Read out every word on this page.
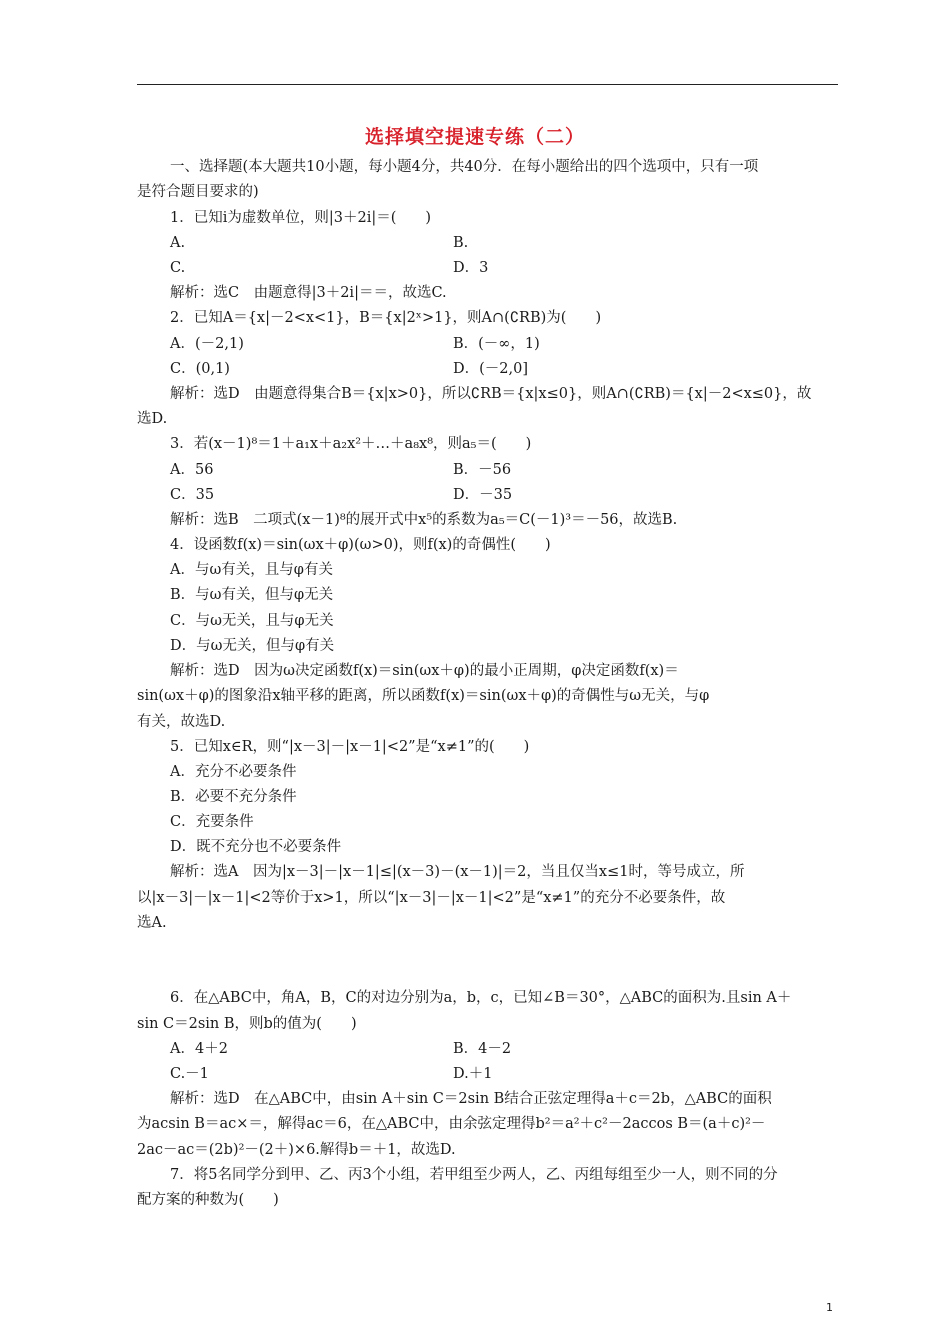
选择填空提速专练（二）
一、选择题(本大题共10小题，每小题4分，共40分．在每小题给出的四个选项中，只有一项
是符合题目要求的)
1．已知i为虚数单位，则|3＋2i|＝(　　)
A.	B.
C.	D．3
解析：选C　由题意得|3＋2i|＝＝，故选C.
2．已知A＝{x|－2<x<1}，B＝{x|2ˣ>1}，则A∩(∁RB)为(　　)
A．(－2,1)	B．(－∞，1)
C．(0,1)	D．(－2,0]
解析：选D　由题意得集合B＝{x|x>0}，所以∁RB＝{x|x≤0}，则A∩(∁RB)＝{x|－2<x≤0}，故
选D.
3．若(x－1)⁸＝1＋a₁x＋a₂x²＋…＋a₈x⁸，则a₅＝(　　)
A．56	B．－56
C．35	D．－35
解析：选B　二项式(x－1)⁸的展开式中x⁵的系数为a₅＝C(－1)³＝－56，故选B.
4．设函数f(x)＝sin(ωx＋φ)(ω>0)，则f(x)的奇偶性(　　)
A．与ω有关，且与φ有关
B．与ω有关，但与φ无关
C．与ω无关，且与φ无关
D．与ω无关，但与φ有关
解析：选D　因为ω决定函数f(x)＝sin(ωx＋φ)的最小正周期，φ决定函数f(x)＝
sin(ωx＋φ)的图象沿x轴平移的距离，所以函数f(x)＝sin(ωx＋φ)的奇偶性与ω无关，与φ
有关，故选D.
5．已知x∈R，则“|x－3|－|x－1|<2”是“x≠1”的(　　)
A．充分不必要条件
B．必要不充分条件
C．充要条件
D．既不充分也不必要条件
解析：选A　因为|x－3|－|x－1|≤|(x－3)－(x－1)|＝2，当且仅当x≤1时，等号成立，所
以|x－3|－|x－1|<2等价于x>1，所以“|x－3|－|x－1|<2”是“x≠1”的充分不必要条件，故
选A.
6．在△ABC中，角A，B，C的对边分别为a，b，c，已知∠B＝30°，△ABC的面积为.且sin A＋
sin C＝2sin B，则b的值为(　　)
A．4＋2	B．4－2
C.－1	D.＋1
解析：选D　在△ABC中，由sin A＋sin C＝2sin B结合正弦定理得a＋c＝2b，△ABC的面积
为acsin B＝ac×＝，解得ac＝6，在△ABC中，由余弦定理得b²＝a²＋c²－2accos B＝(a＋c)²－
2ac－ac＝(2b)²－(2＋)×6.解得b＝＋1，故选D.
7．将5名同学分到甲、乙、丙3个小组，若甲组至少两人，乙、丙组每组至少一人，则不同的分
配方案的种数为(　　)
1
